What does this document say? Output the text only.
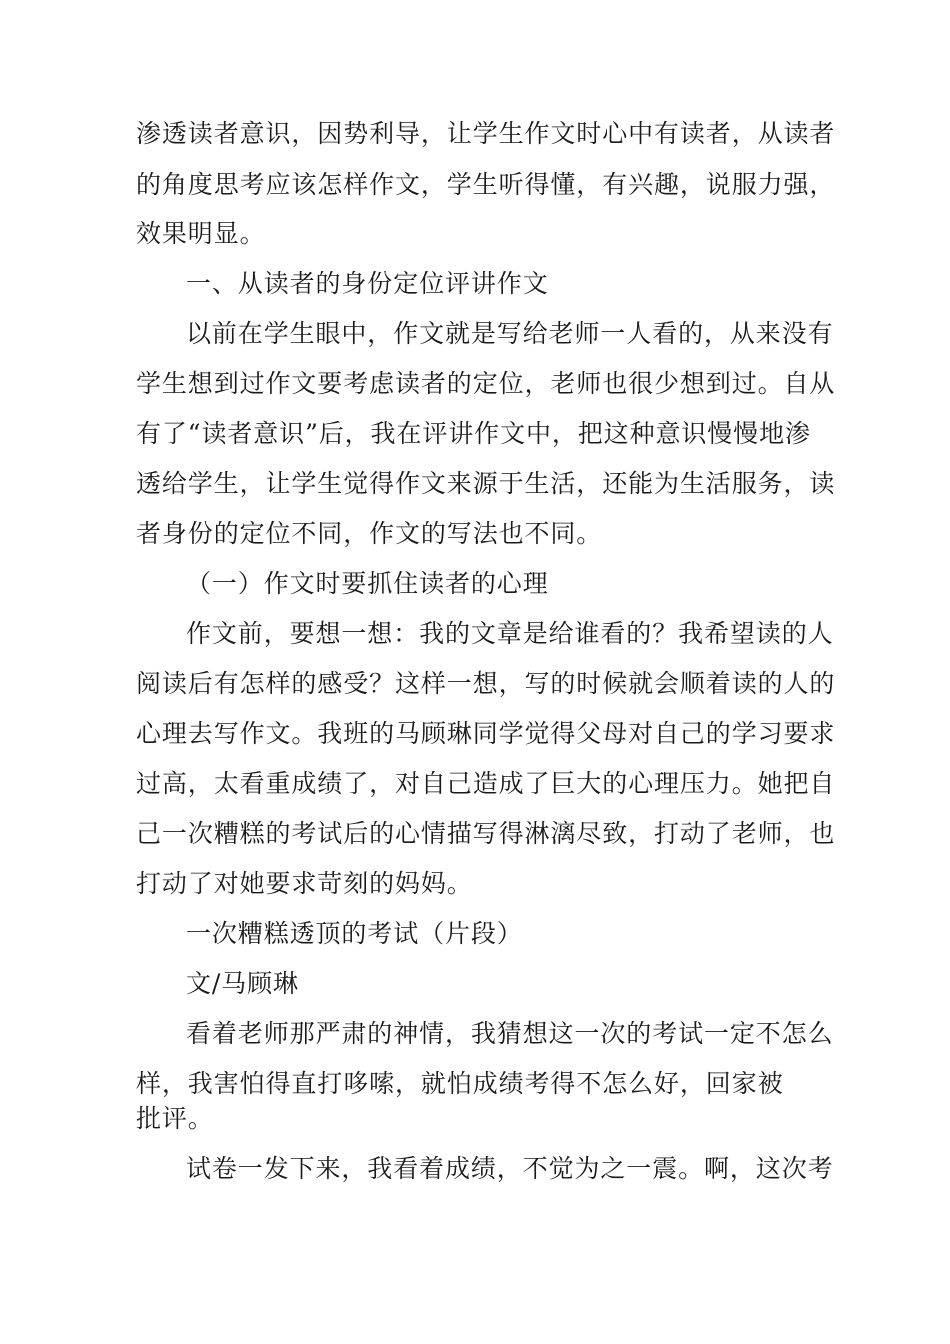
渗透读者意识，因势利导，让学生作文时心中有读者，从读者
的角度思考应该怎样作文，学生听得懂，有兴趣，说服力强，
效果明显。
一、从读者的身份定位评讲作文
以前在学生眼中，作文就是写给老师一人看的，从来没有
学生想到过作文要考虑读者的定位，老师也很少想到过。自从
有了“读者意识”后，我在评讲作文中，把这种意识慢慢地渗
透给学生，让学生觉得作文来源于生活，还能为生活服务，读
者身份的定位不同，作文的写法也不同。
（一）作文时要抓住读者的心理
作文前，要想一想：我的文章是给谁看的？我希望读的人
阅读后有怎样的感受？这样一想，写的时候就会顺着读的人的
心理去写作文。我班的马顾琳同学觉得父母对自己的学习要求
过高，太看重成绩了，对自己造成了巨大的心理压力。她把自
己一次糟糕的考试后的心情描写得淋漓尽致，打动了老师，也
打动了对她要求苛刻的妈妈。
一次糟糕透顶的考试（片段）
文/马顾琳
看着老师那严肃的神情，我猜想这一次的考试一定不怎么
样，我害怕得直打哆嗦，就怕成绩考得不怎么好，回家被
批评。
试卷一发下来，我看着成绩，不觉为之一震。啊，这次考
